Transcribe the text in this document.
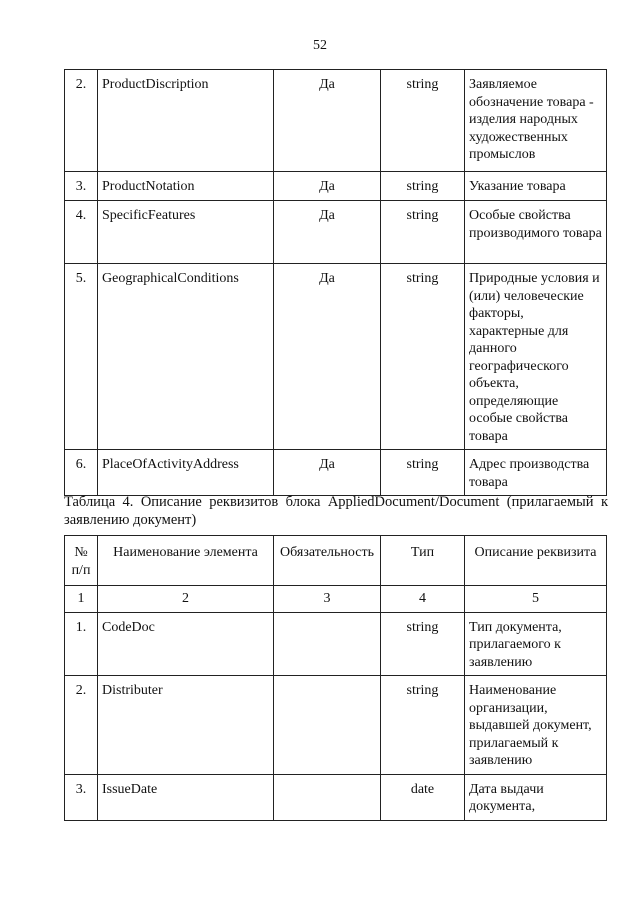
52
2.	ProductDiscription	Да	string	Заявляемое обозначение товара - изделия народных художественных промыслов
3.	ProductNotation	Да	string	Указание товара
4.	SpecificFeatures	Да	string	Особые свойства производимого товара
5.	GeographicalConditions	Да	string	Природные условия и (или) человеческие факторы, характерные для данного географического объекта, определяющие особые свойства товара
6.	PlaceOfActivityAddress	Да	string	Адрес производства товара
Таблица 4. Описание реквизитов блока AppliedDocument/Document (прилагаемый к заявлению документ)
№ п/п	Наименование элемента	Обязательность	Тип	Описание реквизита
1	2	3	4	5
1.	CodeDoc		string	Тип документа, прилагаемого к заявлению
2.	Distributer		string	Наименование организации, выдавшей документ, прилагаемый к заявлению
3.	IssueDate		date	Дата выдачи документа,
